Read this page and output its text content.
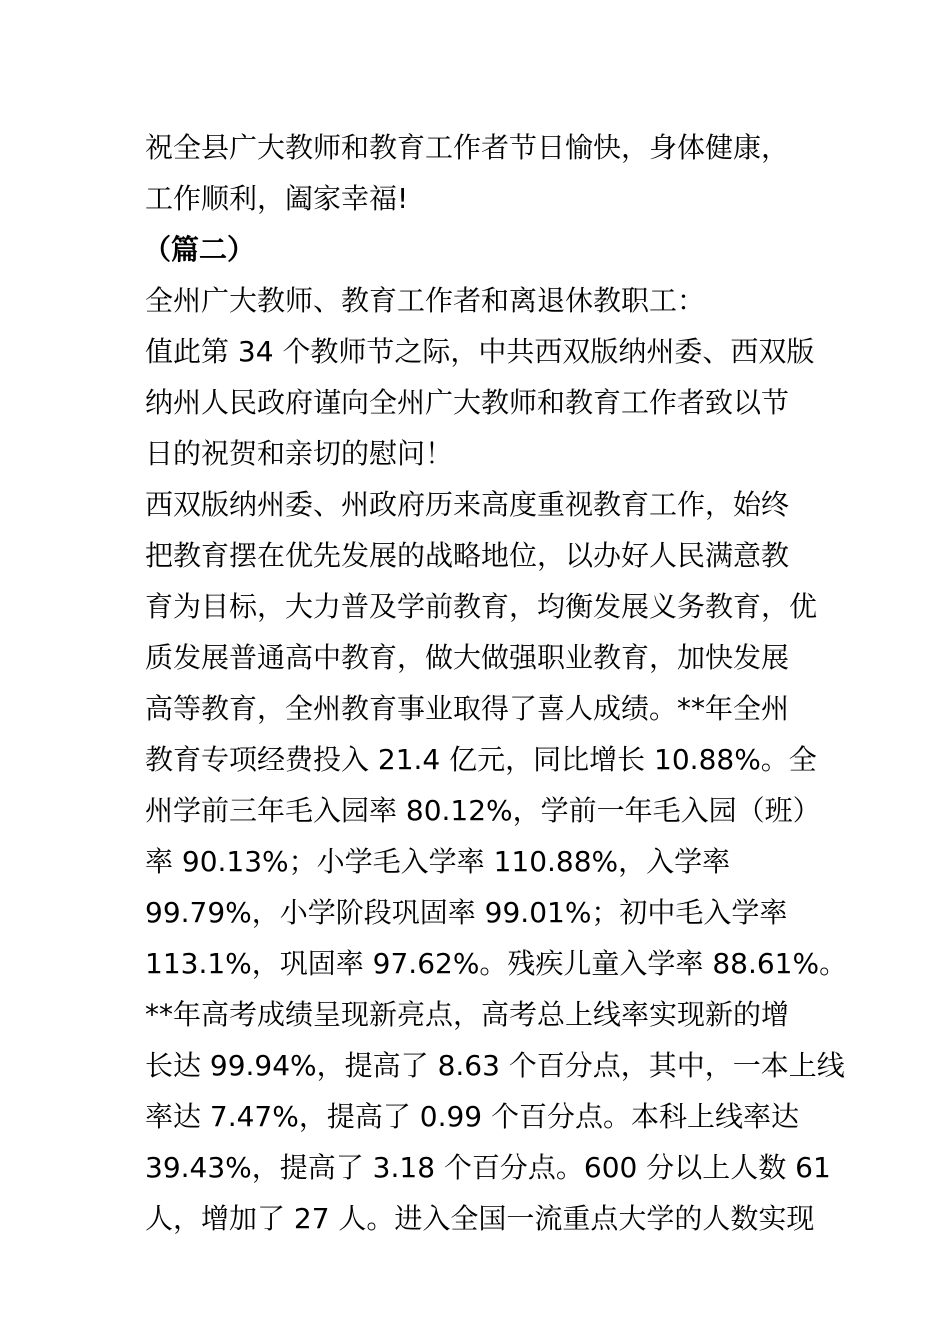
祝全县广大教师和教育工作者节日愉快，身体健康，

工作顺利，阖家幸福!

（篇二）

全州广大教师、教育工作者和离退休教职工：

值此第 34 个教师节之际，中共西双版纳州委、西双版

纳州人民政府谨向全州广大教师和教育工作者致以节

日的祝贺和亲切的慰问！

西双版纳州委、州政府历来高度重视教育工作，始终

把教育摆在优先发展的战略地位，以办好人民满意教

育为目标，大力普及学前教育，均衡发展义务教育，优

质发展普通高中教育，做大做强职业教育，加快发展

高等教育，全州教育事业取得了喜人成绩。**年全州

教育专项经费投入 21.4 亿元，同比增长 10.88%。全

州学前三年毛入园率 80.12%，学前一年毛入园（班）

率 90.13%；小学毛入学率 110.88%，入学率

99.79%，小学阶段巩固率 99.01%；初中毛入学率

113.1%，巩固率 97.62%。残疾儿童入学率 88.61%。

**年高考成绩呈现新亮点，高考总上线率实现新的增

长达 99.94%，提高了 8.63 个百分点，其中，一本上线

率达 7.47%，提高了 0.99 个百分点。本科上线率达

39.43%，提高了 3.18 个百分点。600 分以上人数 61

人，增加了 27 人。进入全国一流重点大学的人数实现
